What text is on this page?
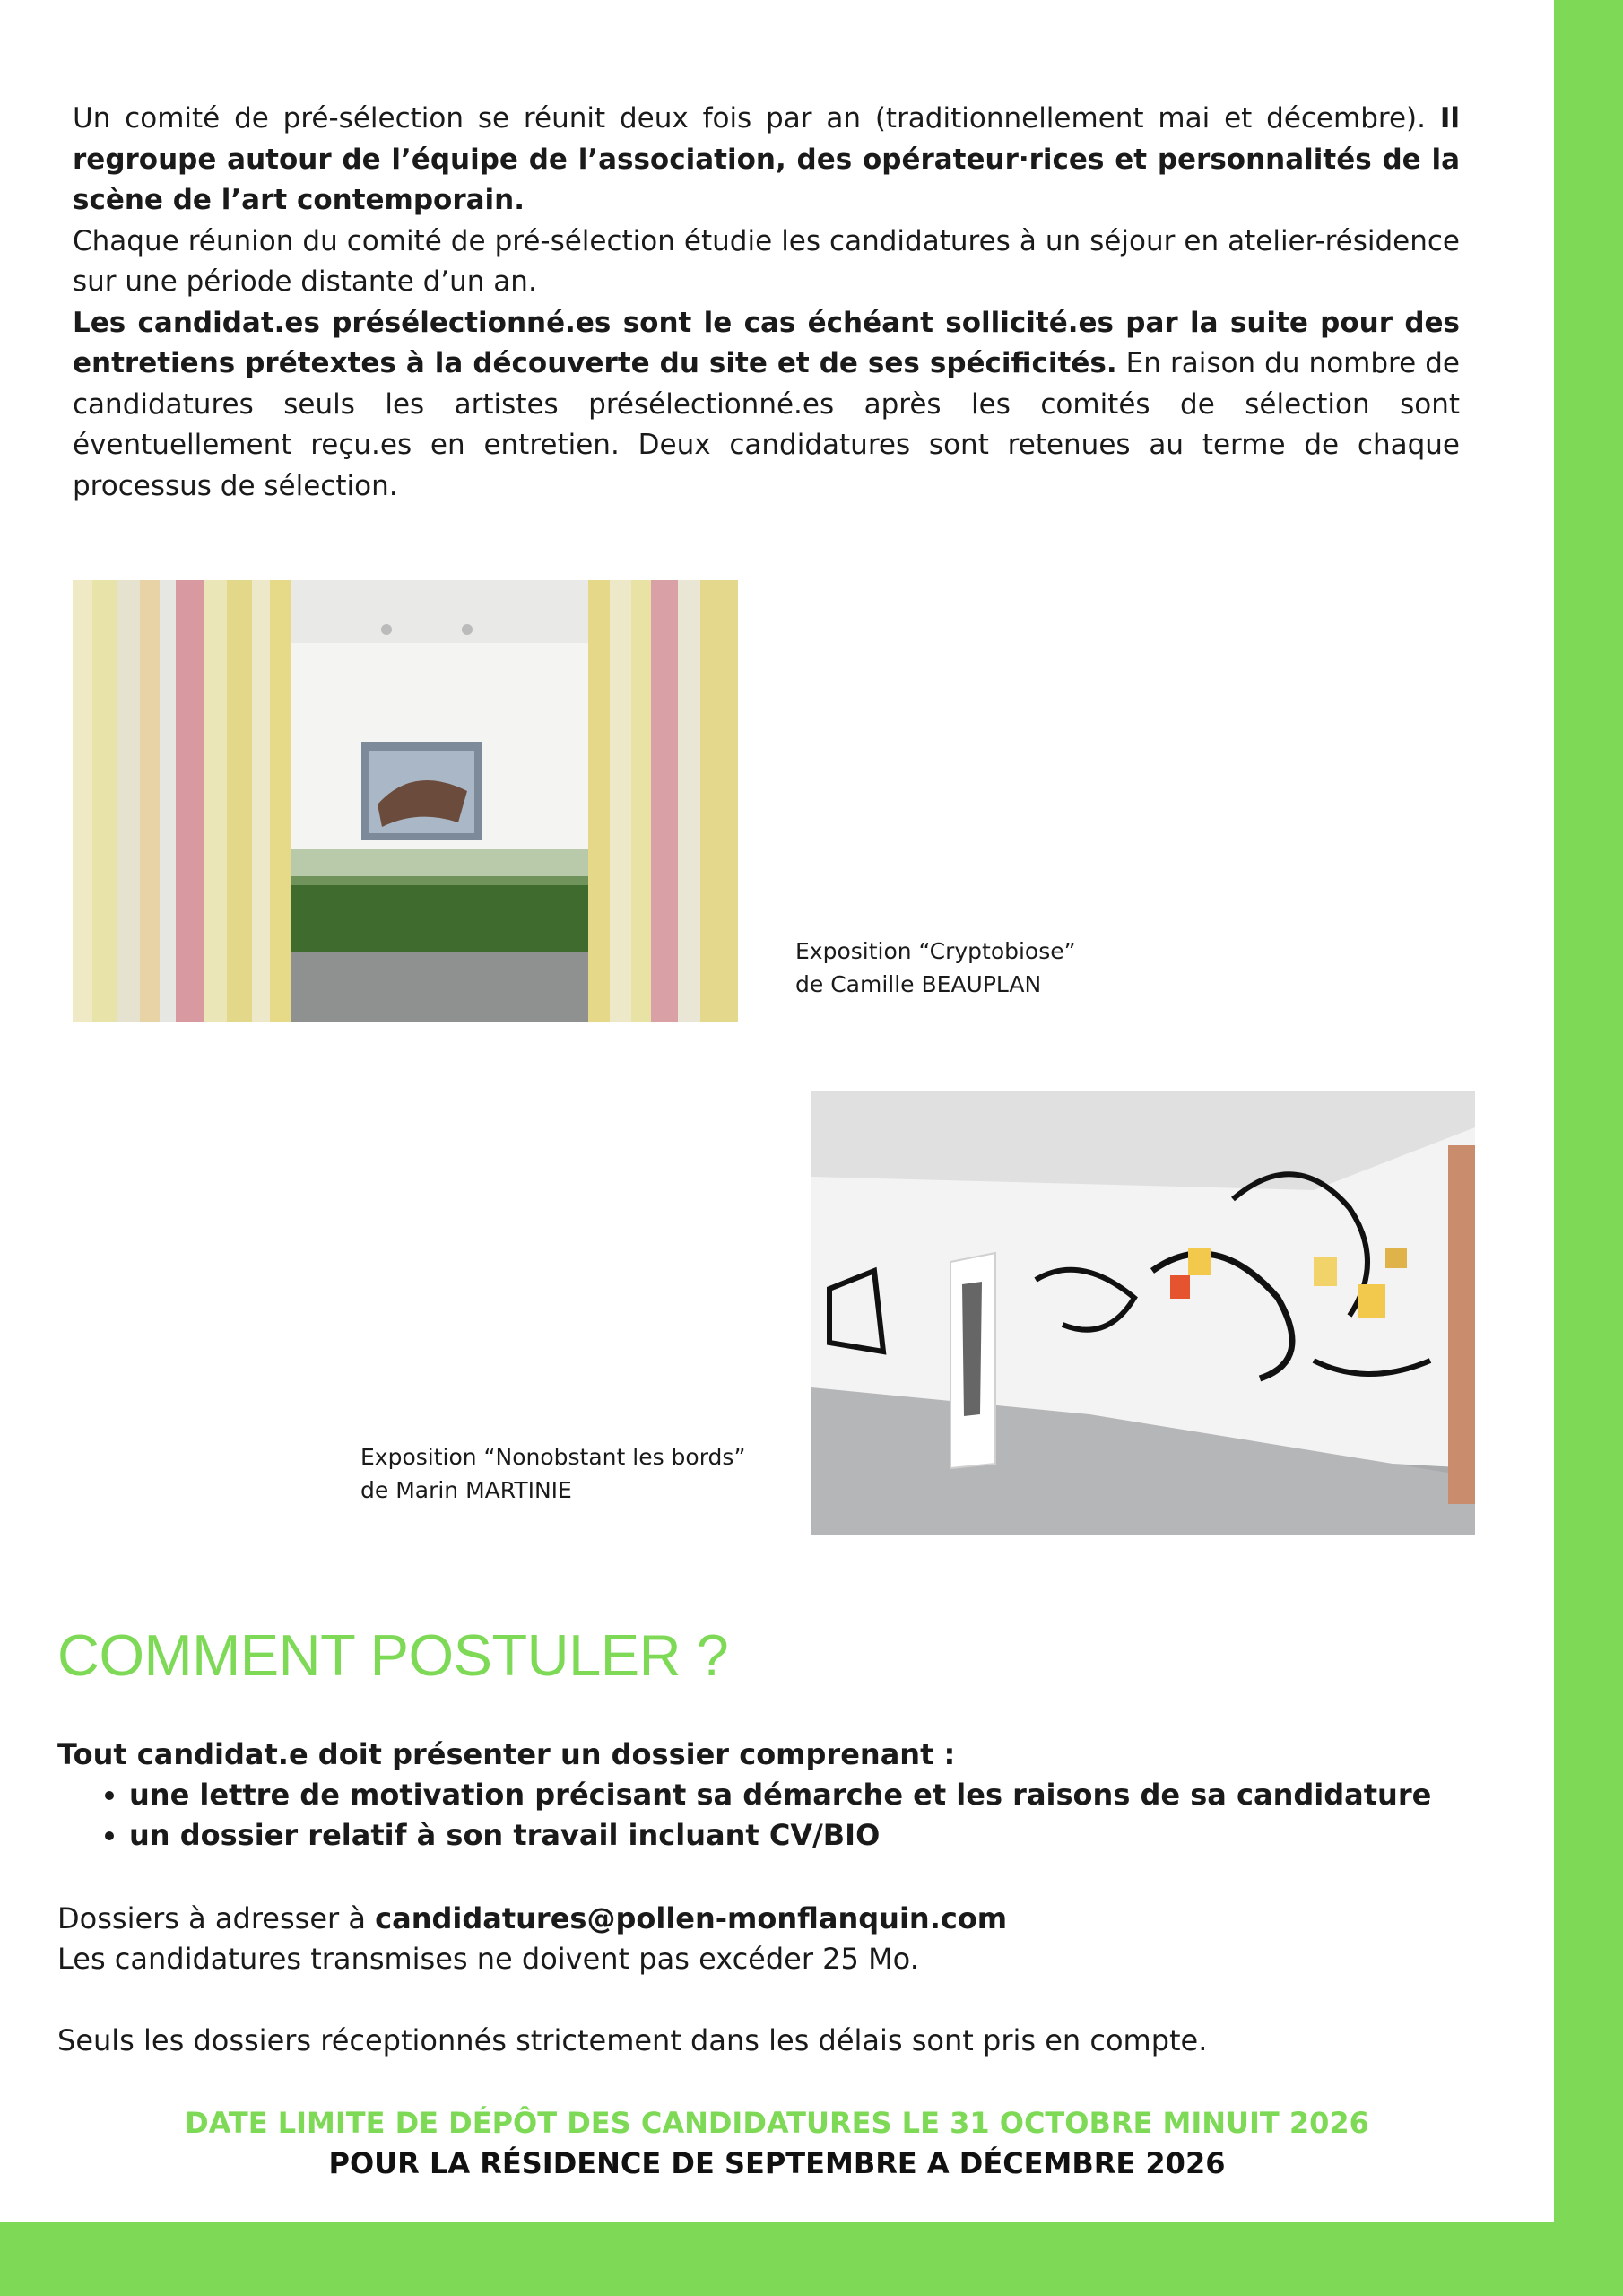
Un comité de pré-sélection se réunit deux fois par an (traditionnellement mai et décembre). Il regroupe autour de l’équipe de l’association, des opérateur·rices et personnalités de la scène de l’art contemporain.

Chaque réunion du comité de pré-sélection étudie les candidatures à un séjour en atelier-résidence sur une période distante d’un an.

Les candidat.es présélectionné.es sont le cas échéant sollicité.es par la suite pour des entretiens prétextes à la découverte du site et de ses spécificités. En raison du nombre de candidatures seuls les artistes présélectionné.es après les comités de sélection sont éventuellement reçu.es en entretien. Deux candidatures sont retenues au terme de chaque processus de sélection.

Exposition “Cryptobiose”
de Camille BEAUPLAN
Exposition “Nonobstant les bords”
de Marin MARTINIE
COMMENT POSTULER ?

Tout candidat.e doit présenter un dossier comprenant :

• une lettre de motivation précisant sa démarche et les raisons de sa candidature
• un dossier relatif à son travail incluant CV/BIO

Dossiers à adresser à candidatures@pollen-monflanquin.com

Les candidatures transmises ne doivent pas excéder 25 Mo.

Seuls les dossiers réceptionnés strictement dans les délais sont pris en compte.

DATE LIMITE DE DÉPÔT DES CANDIDATURES LE 31 OCTOBRE MINUIT 2026
POUR LA RÉSIDENCE DE SEPTEMBRE A DÉCEMBRE 2026
